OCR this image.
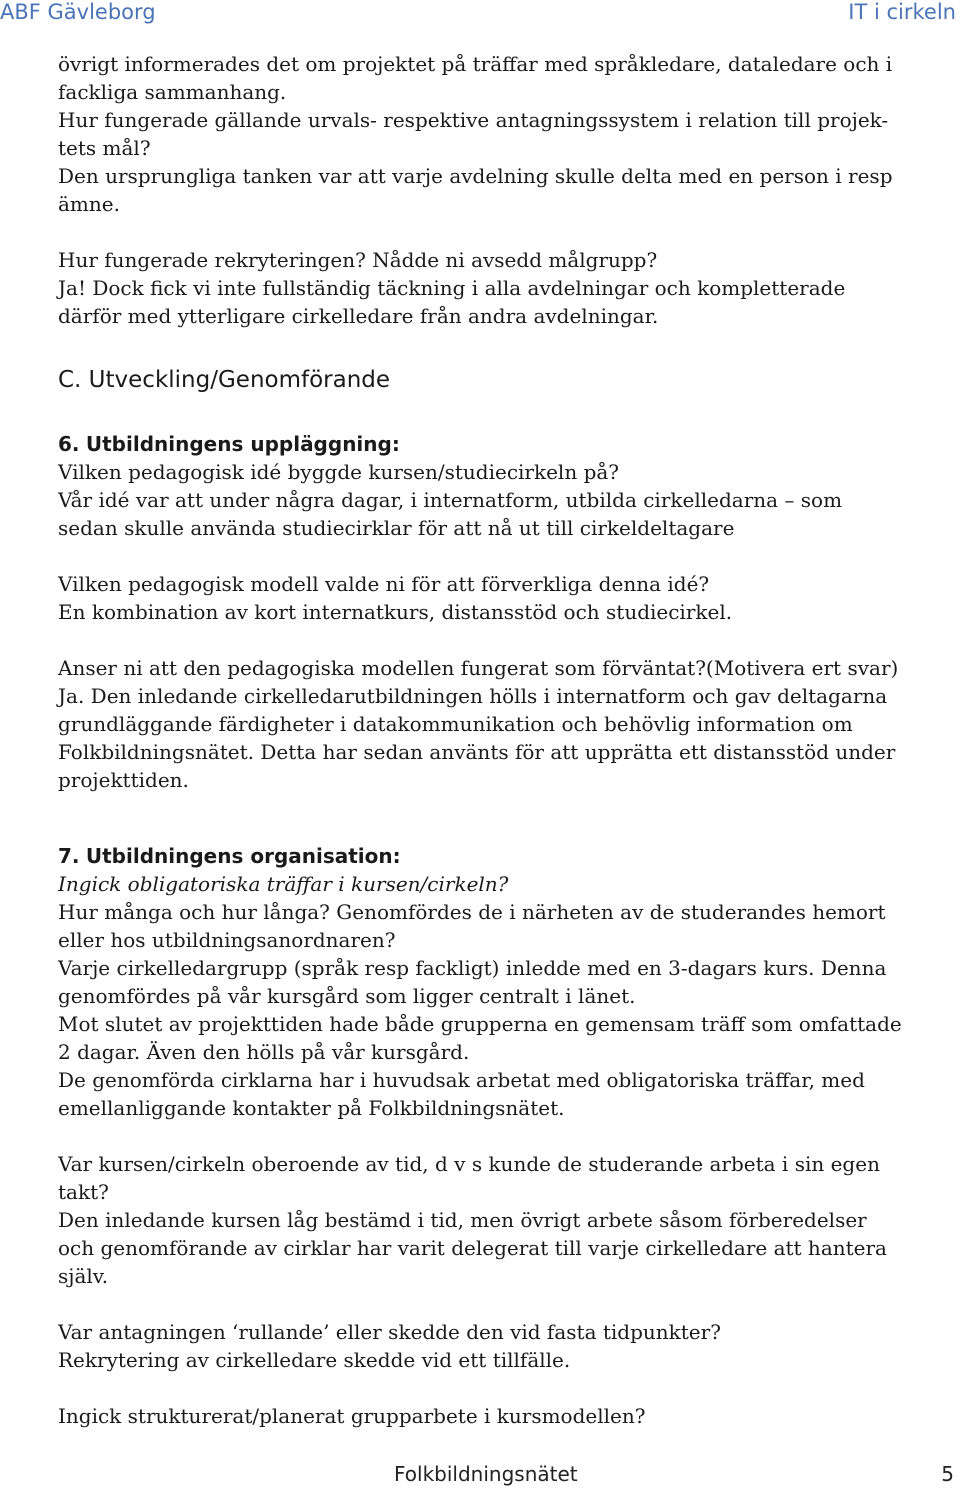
ABF Gävleborg	IT i cirkeln

övrigt informerades det om projektet på träffar med språkledare, dataledare och i fackliga sammanhang.

Hur fungerade gällande urvals- respektive antagningssystem i relation till projek-tets mål?

Den ursprungliga tanken var att varje avdelning skulle delta med en person i resp ämne.

Hur fungerade rekryteringen? Nådde ni avsedd målgrupp?

Ja! Dock fick vi inte fullständig täckning i alla avdelningar och kompletterade därför med ytterligare cirkelledare från andra avdelningar.

C. Utveckling/Genomförande

6. Utbildningens uppläggning:

Vilken pedagogisk idé byggde kursen/studiecirkeln på?

Vår idé var att under några dagar, i internatform, utbilda cirkelledarna – som sedan skulle använda studiecirklar för att nå ut till cirkeldeltagare

Vilken pedagogisk modell valde ni för att förverkliga denna idé?

En kombination av kort internatkurs, distansstöd och studiecirkel.

Anser ni att den pedagogiska modellen fungerat som förväntat?(Motivera ert svar)

Ja. Den inledande cirkelledarutbildningen hölls i internatform och gav deltagarna grundläggande färdigheter i datakommunikation och behövlig information om Folkbildningsnätet. Detta har sedan använts för att upprätta ett distansstöd under projekttiden.

7. Utbildningens organisation:

Ingick obligatoriska träffar i kursen/cirkeln?

Hur många och hur långa? Genomfördes de i närheten av de studerandes hemort eller hos utbildningsanordnaren?

Varje cirkelledargrupp (språk resp fackligt) inledde med en 3-dagars kurs. Denna genomfördes på vår kursgård som ligger centralt i länet.

Mot slutet av projekttiden hade både grupperna en gemensam träff som omfattade 2 dagar. Även den hölls på vår kursgård.

De genomförda cirklarna har i huvudsak arbetat med obligatoriska träffar, med emellanliggande kontakter på Folkbildningsnätet.

Var kursen/cirkeln oberoende av tid, d v s kunde de studerande arbeta i sin egen takt?

Den inledande kursen låg bestämd i tid, men övrigt arbete såsom förberedelser och genomförande av cirklar har varit delegerat till varje cirkelledare att hantera själv.

Var antagningen ‘rullande’ eller skedde den vid fasta tidpunkter?

Rekrytering av cirkelledare skedde vid ett tillfälle.

Ingick strukturerat/planerat grupparbete i kursmodellen?

Folkbildningsnätet	5
